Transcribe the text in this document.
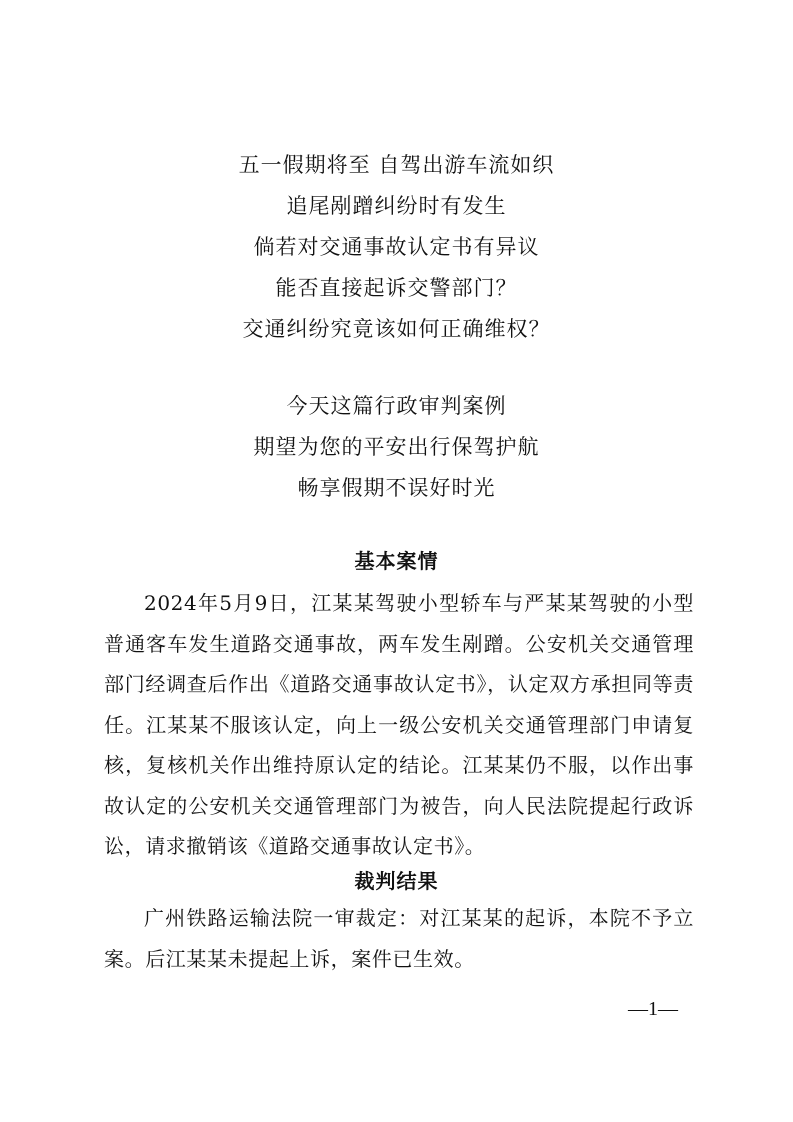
五一假期将至 自驾出游车流如织
追尾剐蹭纠纷时有发生
倘若对交通事故认定书有异议
能否直接起诉交警部门？
交通纠纷究竟该如何正确维权？
今天这篇行政审判案例
期望为您的平安出行保驾护航
畅享假期不误好时光
基本案情

2024年5月9日，江某某驾驶小型轿车与严某某驾驶的小型普通客车发生道路交通事故，两车发生剐蹭。公安机关交通管理部门经调查后作出《道路交通事故认定书》，认定双方承担同等责任。江某某不服该认定，向上一级公安机关交通管理部门申请复核，复核机关作出维持原认定的结论。江某某仍不服，以作出事故认定的公安机关交通管理部门为被告，向人民法院提起行政诉讼，请求撤销该《道路交通事故认定书》。

裁判结果

广州铁路运输法院一审裁定：对江某某的起诉，本院不予立案。后江某某未提起上诉，案件已生效。

—1—
